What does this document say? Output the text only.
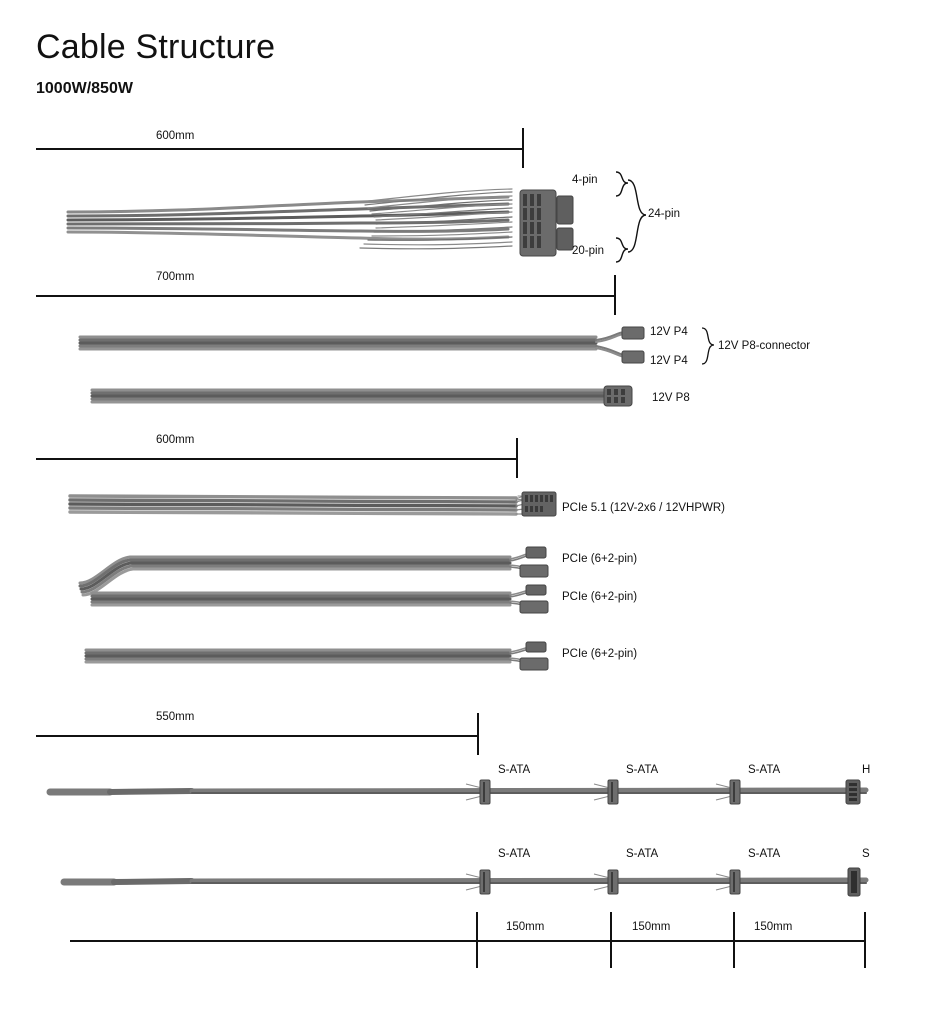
Cable Structure
1000W/850W
600mm
4-pin
20-pin
24-pin
700mm
12V P4
12V P4
12V P8-connector
12V P8
600mm
PCIe 5.1 (12V-2x6 / 12VHPWR)
PCIe (6+2-pin)
PCIe (6+2-pin)
PCIe (6+2-pin)
550mm
S-ATA	S-ATA	S-ATA	H
S-ATA	S-ATA	S-ATA	S
150mm	150mm	150mm
